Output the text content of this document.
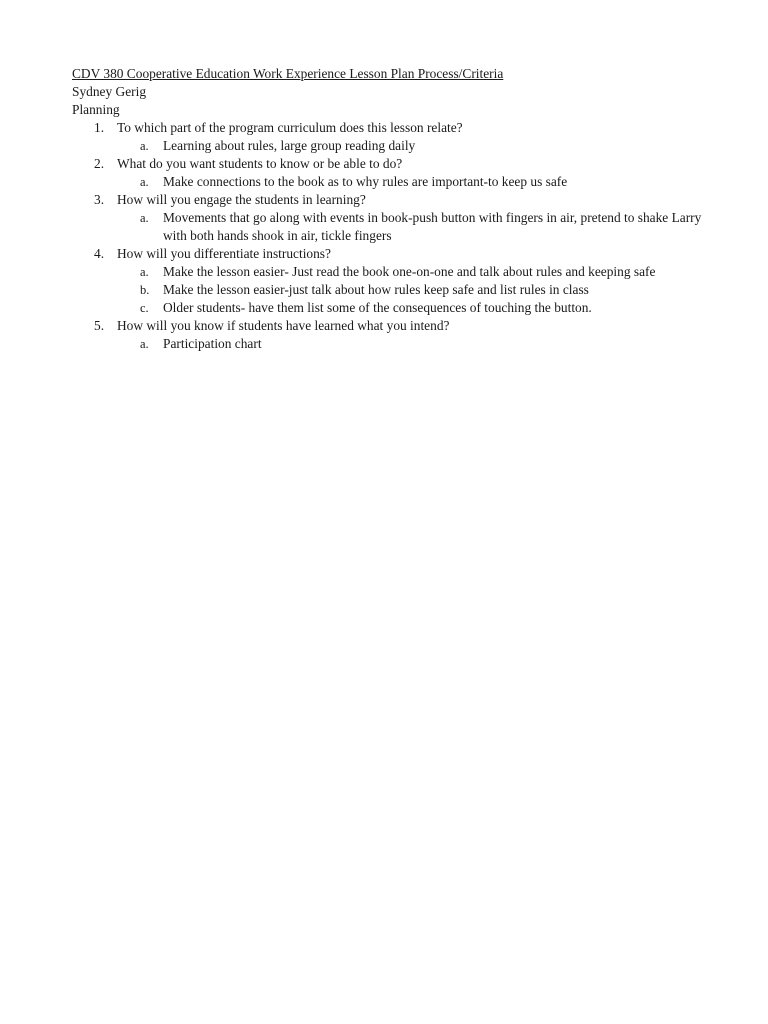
CDV 380 Cooperative Education Work Experience Lesson Plan Process/Criteria
Sydney Gerig
Planning
1. To which part of the program curriculum does this lesson relate?
a. Learning about rules, large group reading daily
2. What do you want students to know or be able to do?
a. Make connections to the book as to why rules are important-to keep us safe
3. How will you engage the students in learning?
a. Movements that go along with events in book-push button with fingers in air, pretend to shake Larry with both hands shook in air, tickle fingers
4. How will you differentiate instructions?
a. Make the lesson easier- Just read the book one-on-one and talk about rules and keeping safe
b. Make the lesson easier-just talk about how rules keep safe and list rules in class
c. Older students- have them list some of the consequences of touching the button.
5. How will you know if students have learned what you intend?
a. Participation chart
